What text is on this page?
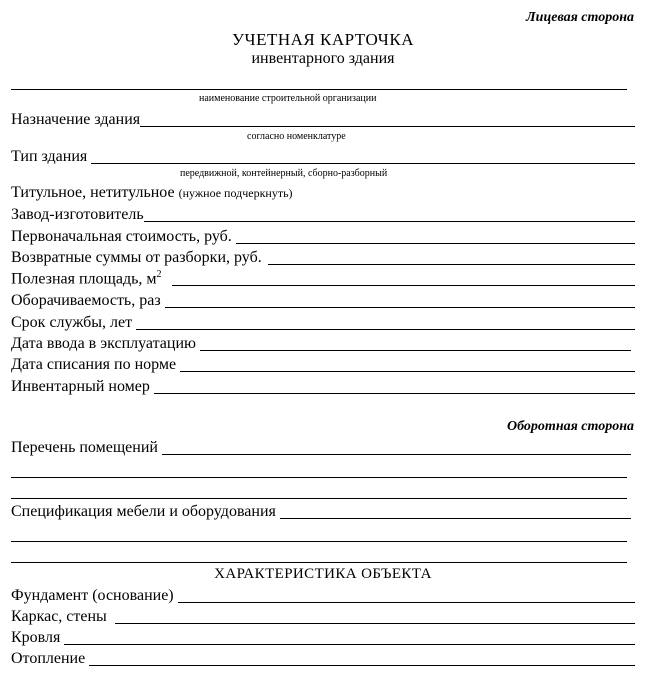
Лицевая сторона
УЧЕТНАЯ КАРТОЧКА
инвентарного здания
наименование строительной организации
Назначение здания
согласно номенклатуре
Тип здания
передвижной, контейнерный, сборно-разборный
Титульное, нетитульное (нужное подчеркнуть)
Завод-изготовитель
Первоначальная стоимость, руб.
Возвратные суммы от разборки, руб.
Полезная площадь, $м^2$
Оборачиваемость, раз
Срок службы, лет
Дата ввода в эксплуатацию
Дата списания по норме
Инвентарный номер
Оборотная сторона
Перечень помещений
Спецификация мебели и оборудования
ХАРАКТЕРИСТИКА ОБЪЕКТА
Фундамент (основание)
Каркас, стены
Кровля
Отопление
